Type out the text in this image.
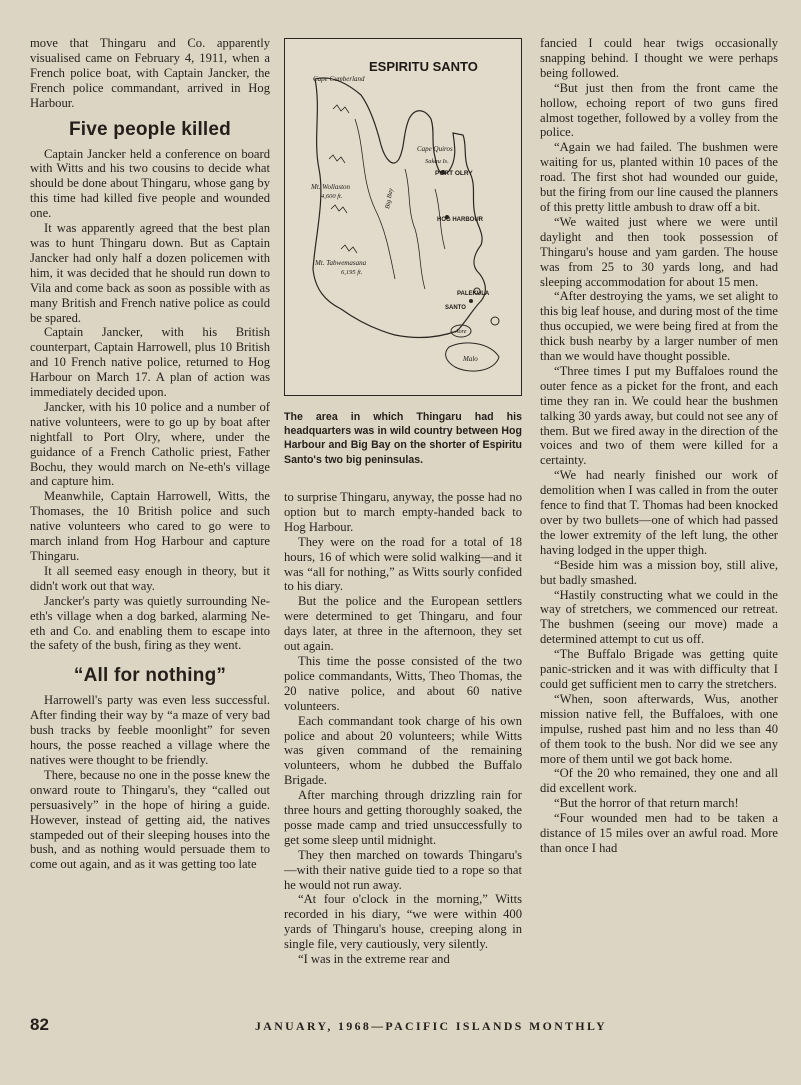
move that Thingaru and Co. apparently visualised came on February 4, 1911, when a French police boat, with Captain Jancker, the French police commandant, arrived in Hog Harbour.

Five people killed

Captain Jancker held a conference on board with Witts and his two cousins to decide what should be done about Thingaru, whose gang by this time had killed five people and wounded one.

It was apparently agreed that the best plan was to hunt Thingaru down. But as Captain Jancker had only half a dozen policemen with him, it was decided that he should run down to Vila and come back as soon as possible with as many British and French native police as could be spared.

Captain Jancker, with his British counterpart, Captain Harrowell, plus 10 British and 10 French native police, returned to Hog Harbour on March 17. A plan of action was immediately decided upon.

Jancker, with his 10 police and a number of native volunteers, were to go up by boat after nightfall to Port Olry, where, under the guidance of a French Catholic priest, Father Bochu, they would march on Ne-eth's village and capture him.

Meanwhile, Captain Harrowell, Witts, the Thomases, the 10 British police and such native volunteers who cared to go were to march inland from Hog Harbour and capture Thingaru.

It all seemed easy enough in theory, but it didn't work out that way.

Jancker's party was quietly surrounding Ne-eth's village when a dog barked, alarming Ne-eth and Co. and enabling them to escape into the safety of the bush, firing as they went.

“All for nothing”

Harrowell's party was even less successful. After finding their way by “a maze of very bad bush tracks by feeble moonlight” for seven hours, the posse reached a village where the natives were thought to be friendly.

There, because no one in the posse knew the onward route to Thingaru's, they “called out persuasively” in the hope of hiring a guide. However, instead of getting aid, the natives stampeded out of their sleeping houses into the bush, and as nothing would persuade them to come out again, and as it was getting too late

ESPIRITU SANTO
Cape Cumberland
Cape Quiros
Sakau Is.
PORT OLRY
HOG HARBOUR
Mt. Wollaston
4,600 ft.
Mt. Tabwemasana
6,195 ft.
Big Bay
PALEKULA
SANTO
Aore
Malo
The area in which Thingaru had his headquarters was in wild country between Hog Harbour and Big Bay on the shorter of Espiritu Santo's two big peninsulas.

to surprise Thingaru, anyway, the posse had no option but to march empty-handed back to Hog Harbour.

They were on the road for a total of 18 hours, 16 of which were solid walking—and it was “all for nothing,” as Witts sourly confided to his diary.

But the police and the European settlers were determined to get Thingaru, and four days later, at three in the afternoon, they set out again.

This time the posse consisted of the two police commandants, Witts, Theo Thomas, the 20 native police, and about 60 native volunteers.

Each commandant took charge of his own police and about 20 volunteers; while Witts was given command of the remaining volunteers, whom he dubbed the Buffalo Brigade.

After marching through drizzling rain for three hours and getting thoroughly soaked, the posse made camp and tried unsuccessfully to get some sleep until midnight.

They then marched on towards Thingaru's—with their native guide tied to a rope so that he would not run away.

“At four o'clock in the morning,” Witts recorded in his diary, “we were within 400 yards of Thingaru's house, creeping along in single file, very cautiously, very silently.

“I was in the extreme rear and

fancied I could hear twigs occasionally snapping behind. I thought we were perhaps being followed.

“But just then from the front came the hollow, echoing report of two guns fired almost together, followed by a volley from the police.

“Again we had failed. The bushmen were waiting for us, planted within 10 paces of the road. The first shot had wounded our guide, but the firing from our line caused the planners of this pretty little ambush to draw off a bit.

“We waited just where we were until daylight and then took possession of Thingaru's house and yam garden. The house was from 25 to 30 yards long, and had sleeping accommodation for about 15 men.

“After destroying the yams, we set alight to this big leaf house, and during most of the time thus occupied, we were being fired at from the thick bush nearby by a larger number of men than we would have thought possible.

“Three times I put my Buffaloes round the outer fence as a picket for the front, and each time they ran in. We could hear the bushmen talking 30 yards away, but could not see any of them. But we fired away in the direction of the voices and two of them were killed for a certainty.

“We had nearly finished our work of demolition when I was called in from the outer fence to find that T. Thomas had been knocked over by two bullets—one of which had passed the lower extremity of the left lung, the other having lodged in the upper thigh.

“Beside him was a mission boy, still alive, but badly smashed.

“Hastily constructing what we could in the way of stretchers, we commenced our retreat. The bushmen (seeing our move) made a determined attempt to cut us off.

“The Buffalo Brigade was getting quite panic-stricken and it was with difficulty that I could get sufficient men to carry the stretchers.

“When, soon afterwards, Wus, another mission native fell, the Buffaloes, with one impulse, rushed past him and no less than 40 of them took to the bush. Nor did we see any more of them until we got back home.

“Of the 20 who remained, they one and all did excellent work.

“But the horror of that return march!

“Four wounded men had to be taken a distance of 15 miles over an awful road. More than once I had

82	JANUARY, 1968—PACIFIC ISLANDS MONTHLY
